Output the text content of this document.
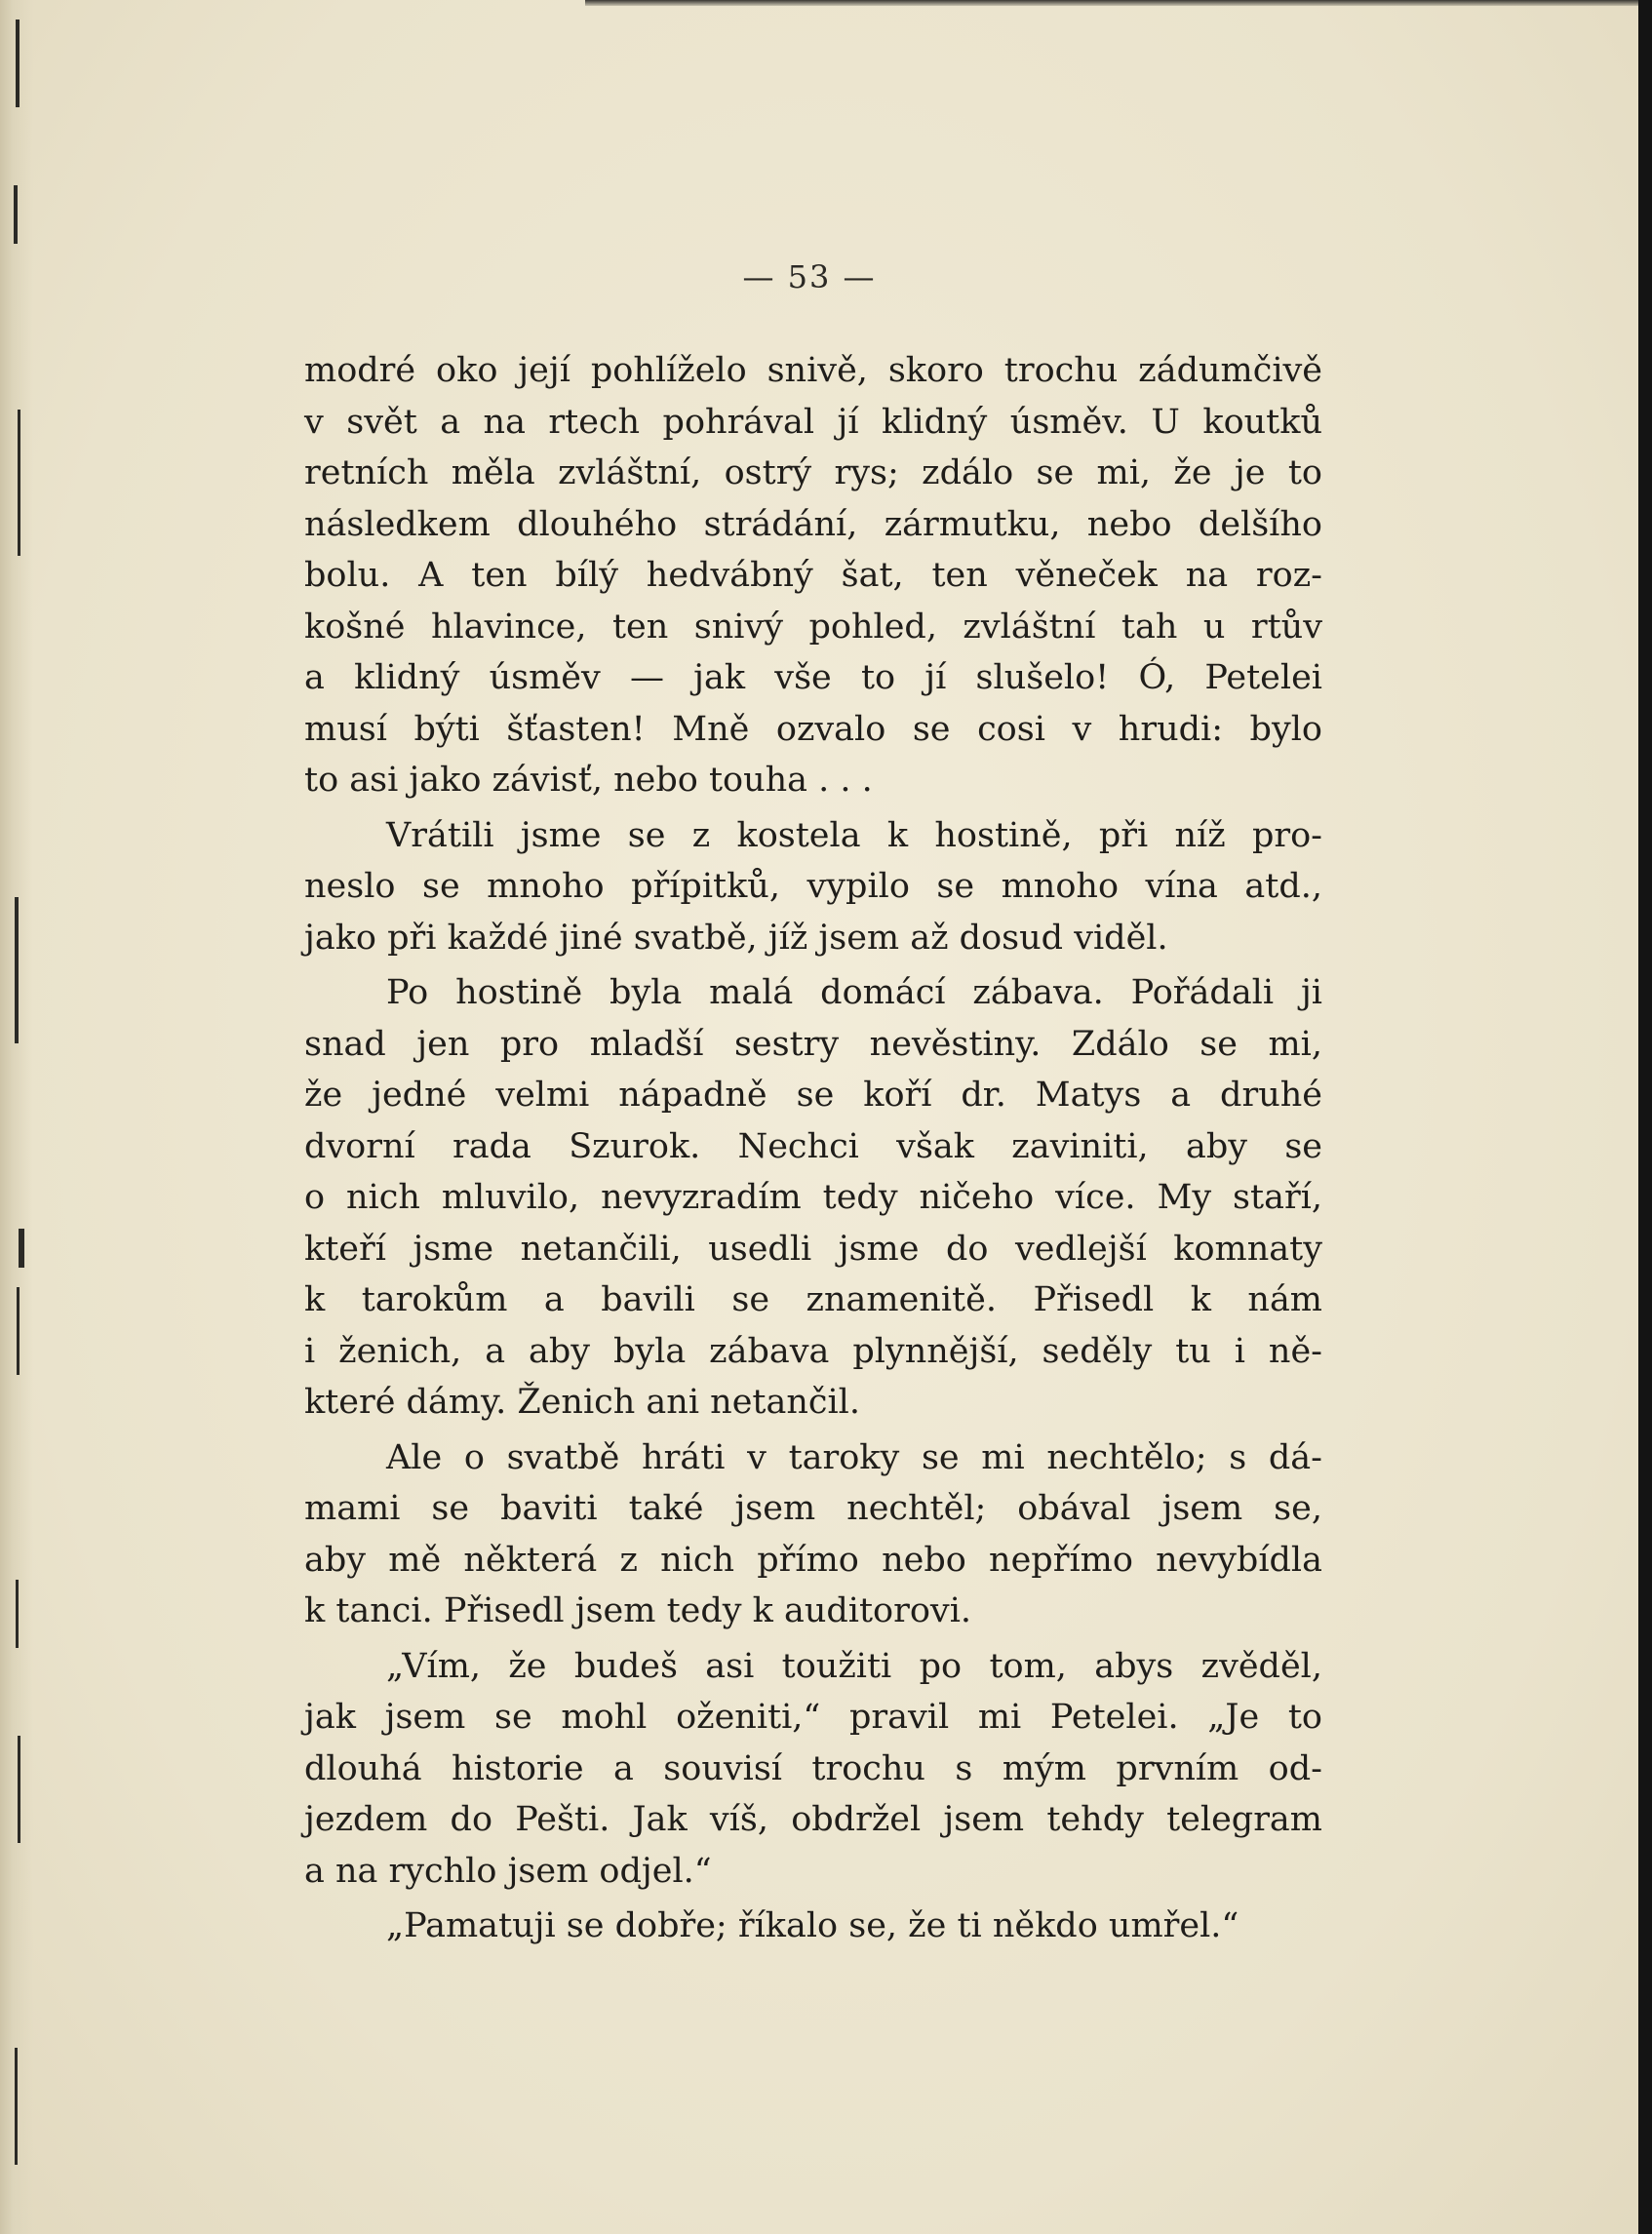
— 53 —
modré oko její pohlíželo snivě, skoro trochu zádumčivě
v svět a na rtech pohrával jí klidný úsměv. U koutků
retních měla zvláštní, ostrý rys; zdálo se mi, že je to
následkem dlouhého strádání, zármutku, nebo delšího
bolu. A ten bílý hedvábný šat, ten věneček na roz-
košné hlavince, ten snivý pohled, zvláštní tah u rtův
a klidný úsměv — jak vše to jí slušelo! Ó, Petelei
musí býti šťasten! Mně ozvalo se cosi v hrudi: bylo
to asi jako závisť, nebo touha . . .
Vrátili jsme se z kostela k hostině, při níž pro-
neslo se mnoho přípitků, vypilo se mnoho vína atd.,
jako při každé jiné svatbě, jíž jsem až dosud viděl.
Po hostině byla malá domácí zábava. Pořádali ji
snad jen pro mladší sestry nevěstiny. Zdálo se mi,
že jedné velmi nápadně se koří dr. Matys a druhé
dvorní rada Szurok. Nechci však zaviniti, aby se
o nich mluvilo, nevyzradím tedy ničeho více. My staří,
kteří jsme netančili, usedli jsme do vedlejší komnaty
k tarokům a bavili se znamenitě. Přisedl k nám
i ženich, a aby byla zábava plynnější, seděly tu i ně-
které dámy. Ženich ani netančil.
Ale o svatbě hráti v taroky se mi nechtělo; s dá-
mami se baviti také jsem nechtěl; obával jsem se,
aby mě některá z nich přímo nebo nepřímo nevybídla
k tanci. Přisedl jsem tedy k auditorovi.
„Vím, že budeš asi toužiti po tom, abys zvěděl,
jak jsem se mohl oženiti,“ pravil mi Petelei. „Je to
dlouhá historie a souvisí trochu s mým prvním od-
jezdem do Pešti. Jak víš, obdržel jsem tehdy telegram
a na rychlo jsem odjel.“
„Pamatuji se dobře; říkalo se, že ti někdo umřel.“
